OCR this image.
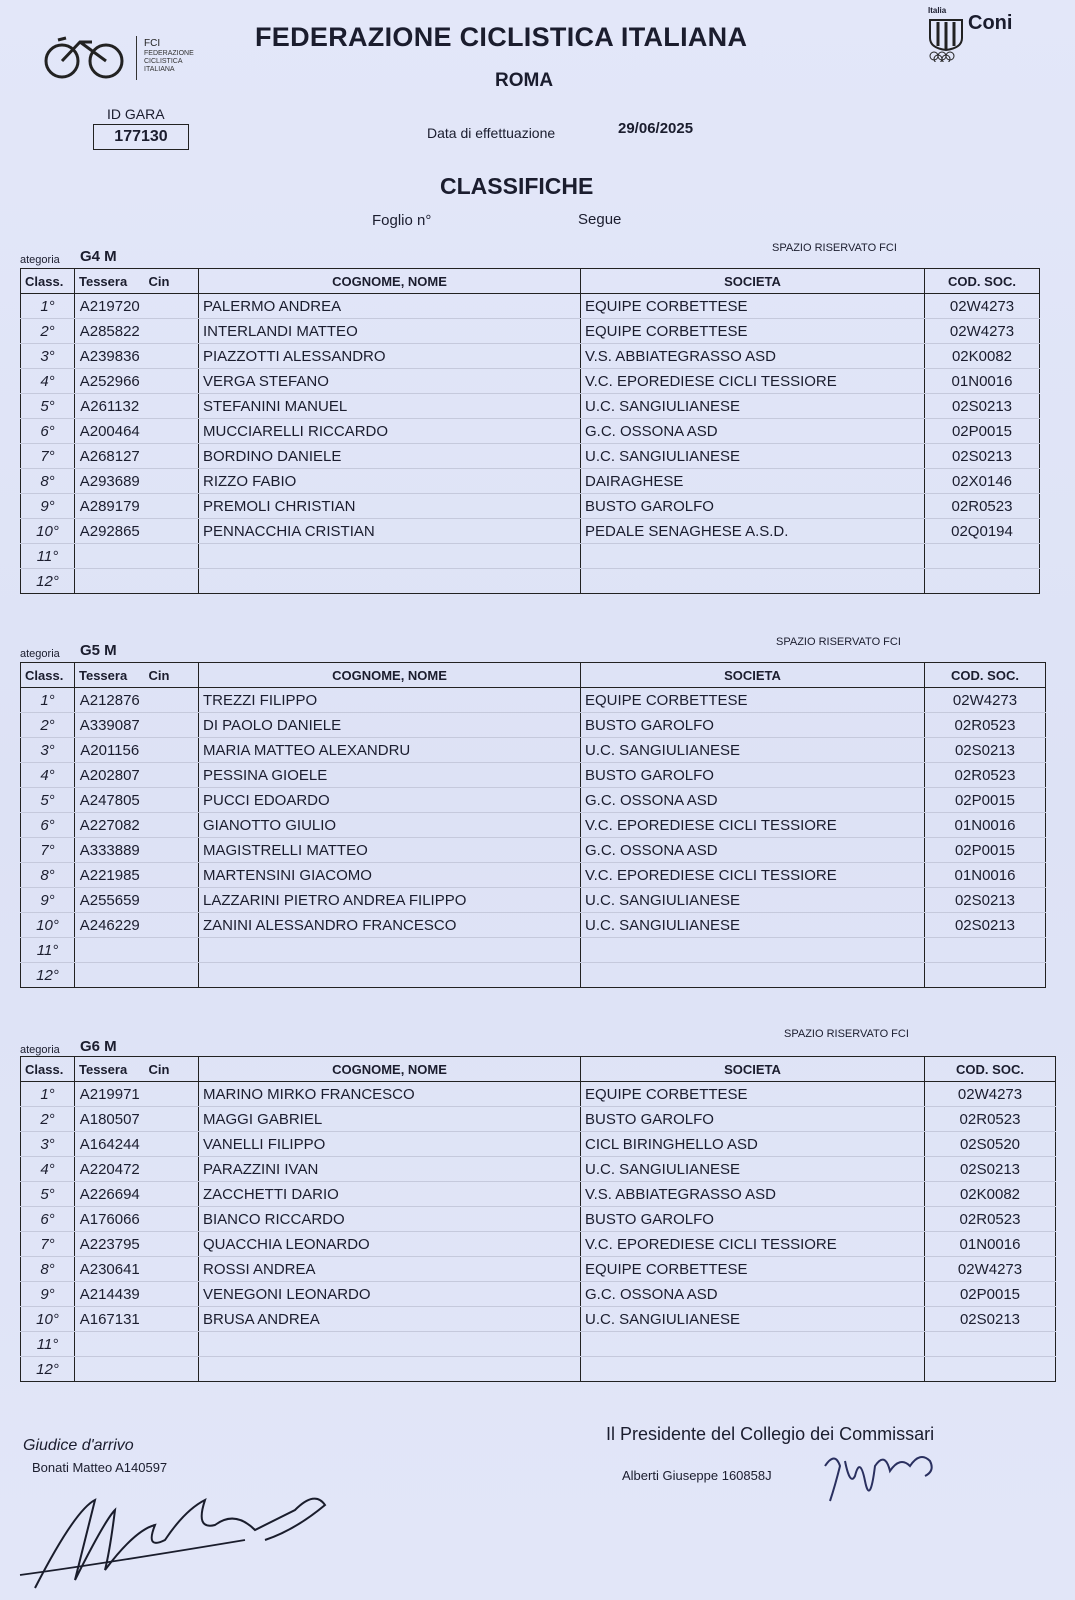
FCI
FEDERAZIONE CICLISTICA ITALIANA
FEDERAZIONE CICLISTICA ITALIANA
ROMA
Italia
Coni
ID GARA
177130	Data di effettuazione	29/06/2025
CLASSIFICHE
Foglio n°	Segue
ategoria G4 M	SPAZIO RISERVATO FCI
Class.	Tessera	Cin	COGNOME, NOME	SOCIETA	COD. SOC.
1°	A219720		PALERMO ANDREA	EQUIPE CORBETTESE	02W4273
2°	A285822		INTERLANDI MATTEO	EQUIPE CORBETTESE	02W4273
3°	A239836		PIAZZOTTI ALESSANDRO	V.S. ABBIATEGRASSO ASD	02K0082
4°	A252966		VERGA STEFANO	V.C. EPOREDIESE CICLI TESSIORE	01N0016
5°	A261132		STEFANINI MANUEL	U.C. SANGIULIANESE	02S0213
6°	A200464		MUCCIARELLI RICCARDO	G.C. OSSONA ASD	02P0015
7°	A268127		BORDINO DANIELE	U.C. SANGIULIANESE	02S0213
8°	A293689		RIZZO FABIO	DAIRAGHESE	02X0146
9°	A289179		PREMOLI CHRISTIAN	BUSTO GAROLFO	02R0523
10°	A292865		PENNACCHIA CRISTIAN	PEDALE SENAGHESE A.S.D.	02Q0194
11°					
12°					
ategoria G5 M	SPAZIO RISERVATO FCI
Class.	Tessera	Cin	COGNOME, NOME	SOCIETA	COD. SOC.
1°	A212876		TREZZI FILIPPO	EQUIPE CORBETTESE	02W4273
2°	A339087		DI PAOLO DANIELE	BUSTO GAROLFO	02R0523
3°	A201156		MARIA MATTEO ALEXANDRU	U.C. SANGIULIANESE	02S0213
4°	A202807		PESSINA GIOELE	BUSTO GAROLFO	02R0523
5°	A247805		PUCCI EDOARDO	G.C. OSSONA ASD	02P0015
6°	A227082		GIANOTTO GIULIO	V.C. EPOREDIESE CICLI TESSIORE	01N0016
7°	A333889		MAGISTRELLI MATTEO	G.C. OSSONA ASD	02P0015
8°	A221985		MARTENSINI GIACOMO	V.C. EPOREDIESE CICLI TESSIORE	01N0016
9°	A255659		LAZZARINI PIETRO ANDREA FILIPPO	U.C. SANGIULIANESE	02S0213
10°	A246229		ZANINI ALESSANDRO FRANCESCO	U.C. SANGIULIANESE	02S0213
11°					
12°					
ategoria G6 M
SPAZIO RISERVATO FCI
Class.	Tessera	Cin	COGNOME, NOME	SOCIETA	COD. SOC.
1°	A219971		MARINO MIRKO FRANCESCO	EQUIPE CORBETTESE	02W4273
2°	A180507		MAGGI GABRIEL	BUSTO GAROLFO	02R0523
3°	A164244		VANELLI FILIPPO	CICL BIRINGHELLO ASD	02S0520
4°	A220472		PARAZZINI IVAN	U.C. SANGIULIANESE	02S0213
5°	A226694		ZACCHETTI DARIO	V.S. ABBIATEGRASSO ASD	02K0082
6°	A176066		BIANCO RICCARDO	BUSTO GAROLFO	02R0523
7°	A223795		QUACCHIA LEONARDO	V.C. EPOREDIESE CICLI TESSIORE	01N0016
8°	A230641		ROSSI ANDREA	EQUIPE CORBETTESE	02W4273
9°	A214439		VENEGONI LEONARDO	G.C. OSSONA ASD	02P0015
10°	A167131		BRUSA ANDREA	U.C. SANGIULIANESE	02S0213
11°					
12°					
Giudice d'arrivo
Bonati Matteo A140597
Il Presidente del Collegio dei Commissari
Alberti Giuseppe 160858J
